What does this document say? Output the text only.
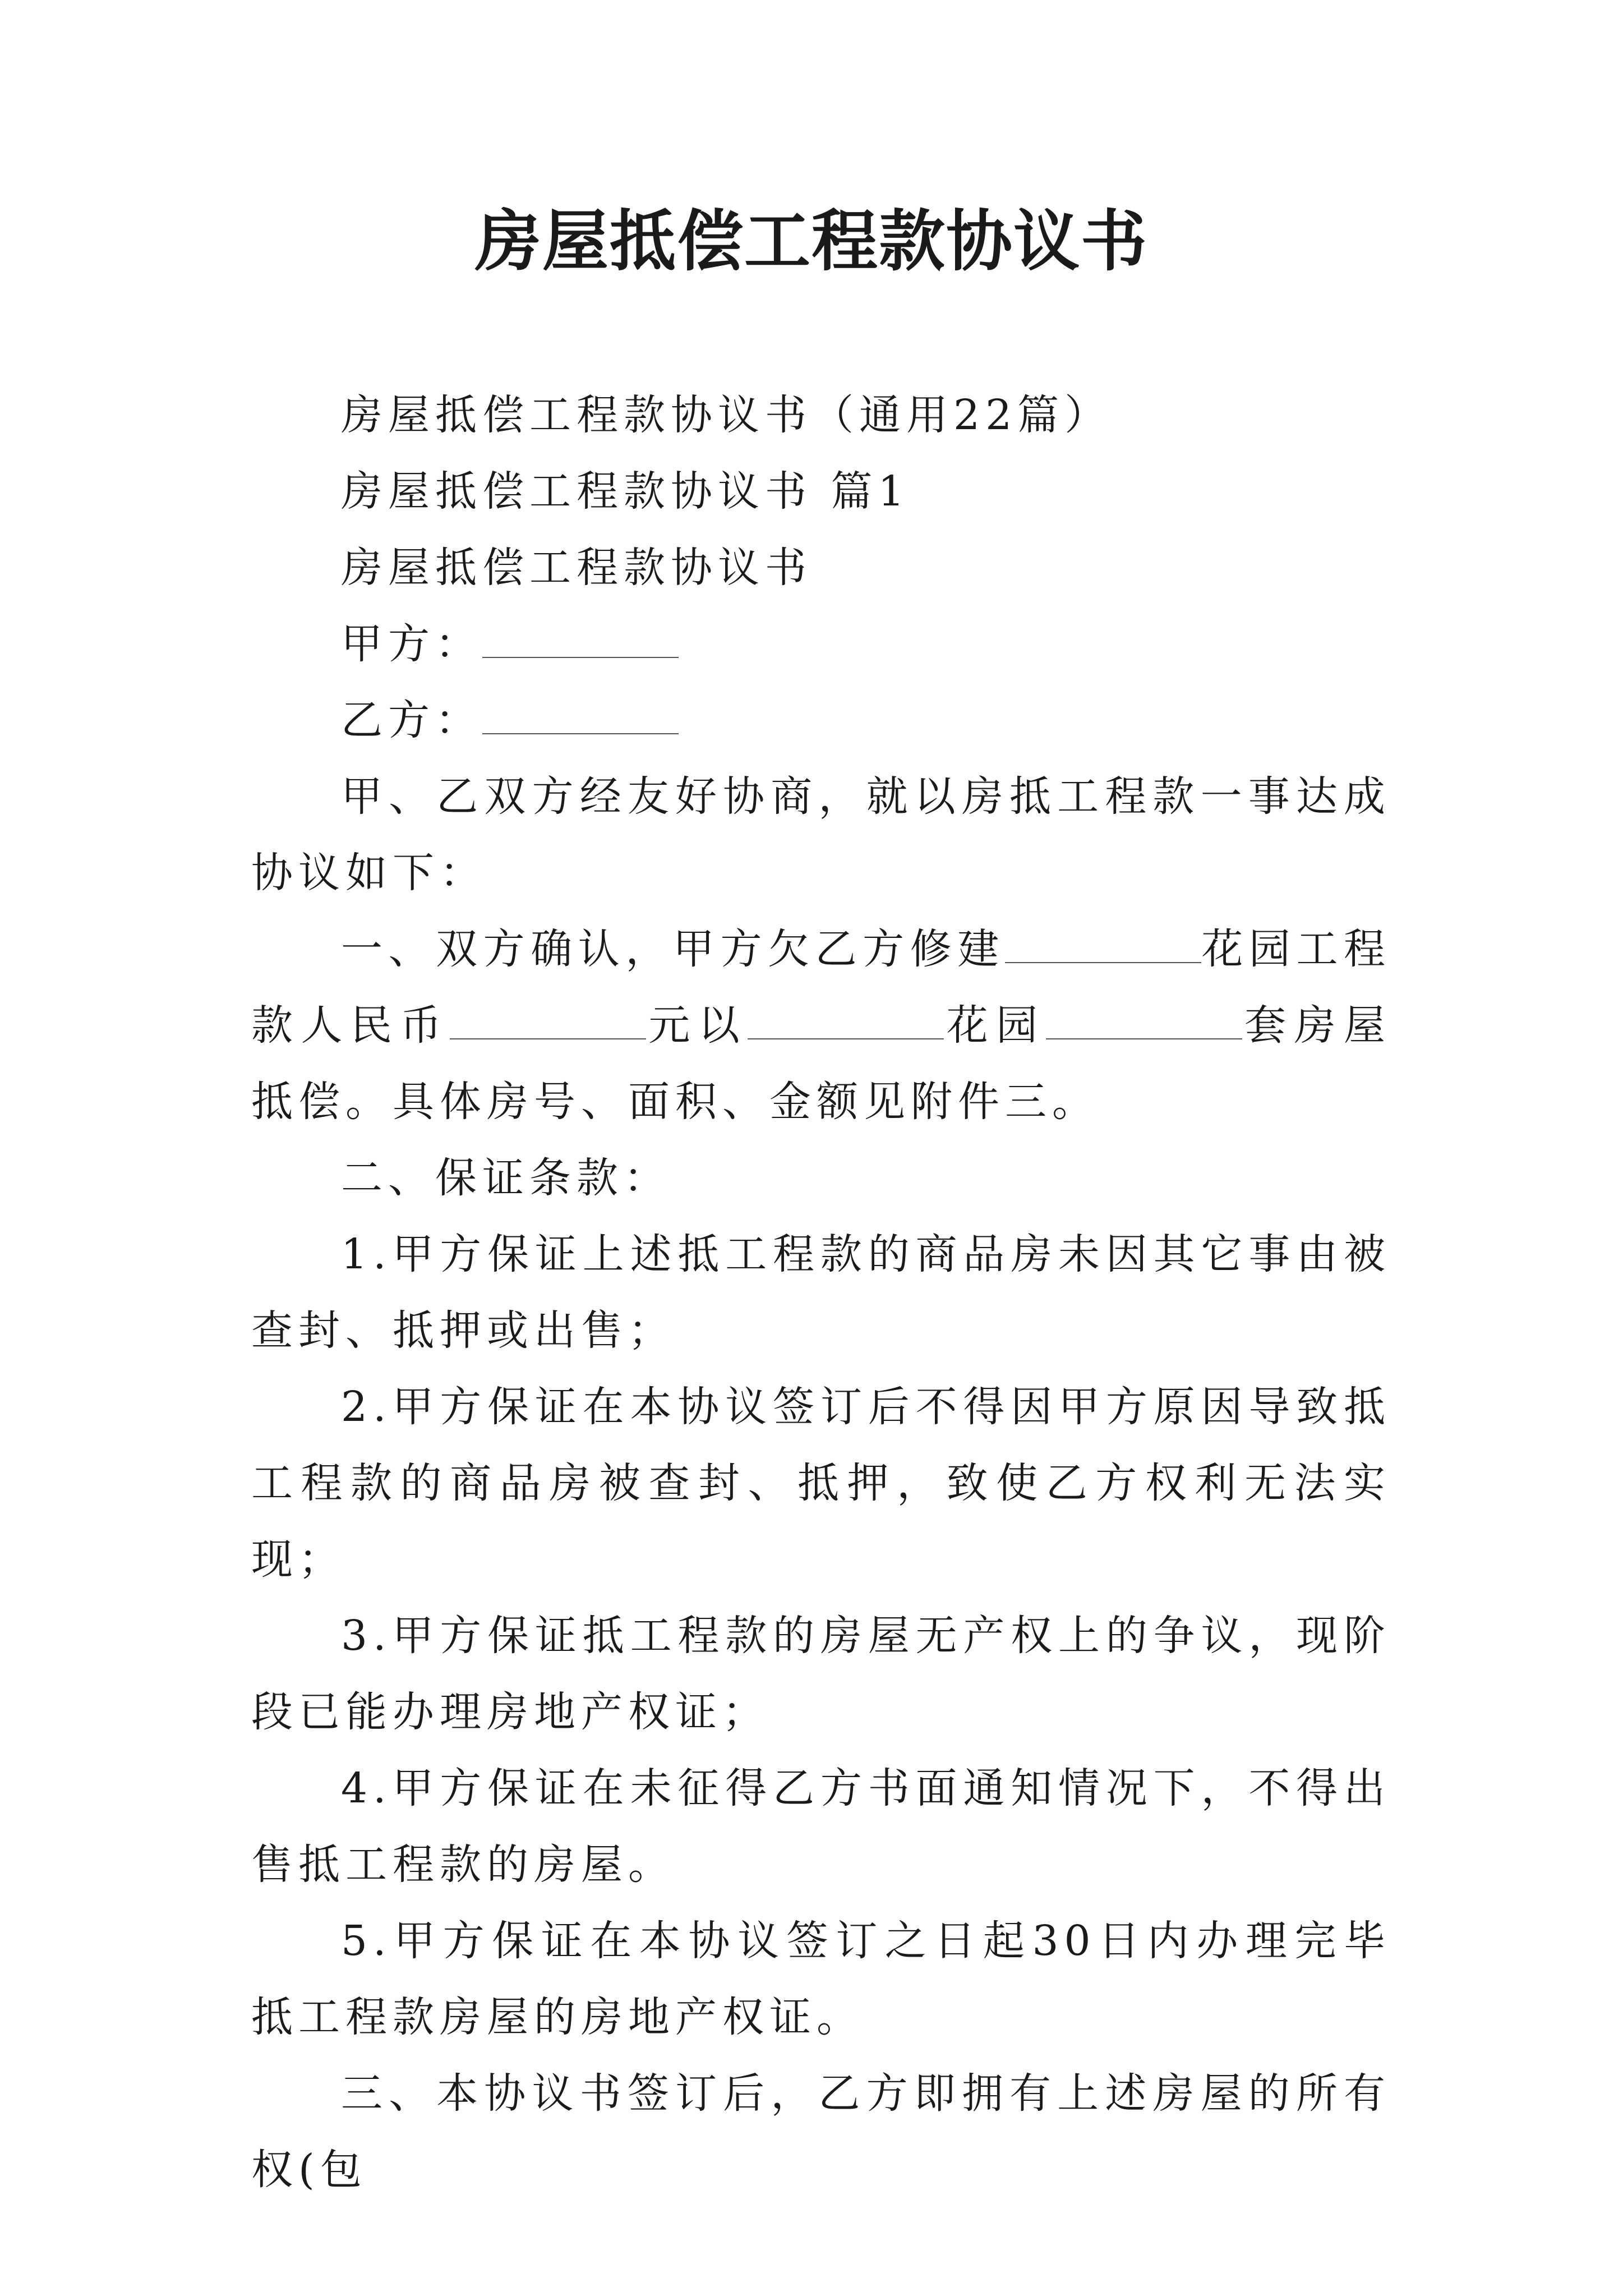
房屋抵偿工程款协议书

房屋抵偿工程款协议书（通用22篇）

房屋抵偿工程款协议书 篇1

房屋抵偿工程款协议书

甲方：

乙方：

甲、乙双方经友好协商，就以房抵工程款一事达成协议如下：

一、双方确认，甲方欠乙方修建	花园工程款人民币	元以	花园	套房屋抵偿。具体房号、面积、金额见附件三。

二、保证条款：

1.甲方保证上述抵工程款的商品房未因其它事由被查封、抵押或出售；

2.甲方保证在本协议签订后不得因甲方原因导致抵工程款的商品房被查封、抵押，致使乙方权利无法实现；

3.甲方保证抵工程款的房屋无产权上的争议，现阶段已能办理房地产权证；

4.甲方保证在未征得乙方书面通知情况下，不得出售抵工程款的房屋。

5.甲方保证在本协议签订之日起30日内办理完毕抵工程款房屋的房地产权证。

三、本协议书签订后，乙方即拥有上述房屋的所有权(包
